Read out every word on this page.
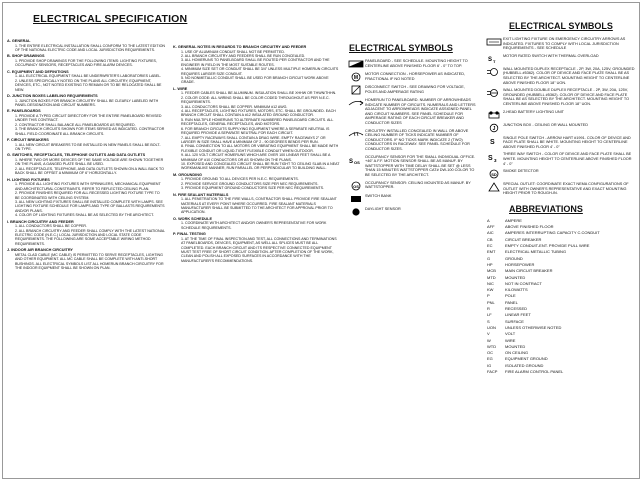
ELECTRICAL SPECIFICATION
A. GENERAL
1. THE ENTIRE ELECTRICAL INSTALLATION SHALL CONFORM TO THE LATEST EDITION OF THE NATIONAL ELECTRIC CODE AND LOCAL JURISDICTION REQUIREMENTS.
B. SHOP DRAWINGS
1. PROVIDE SHOP DRAWINGS FOR THE FOLLOWING ITEMS: LIGHTING FIXTURES, OCCUPANCY SENSORS, RECEPTACLES AND FIRE ALARM DEVICES.
C. EQUIPMENT AND DEFINITIONS
1. ALL ELECTRICAL EQUIPMENT SHALL BE UNDERWRITER'S LABORATORIES LABEL.
2. UNLESS SPECIFICALLY NOTED ON THE PLANS ALL CIRCUITRY, EQUIPMENT, DEVICES, ETC., NOT NOTED EXISTING TO REMAIN OR TO BE RELOCATED SHALL BE NEW.
D. JUNCTION BOXES LABELING REQUIREMENTS
1. JUNCTION BOXES FOR BRANCH CIRCUITRY SHALL BE CLEARLY LABELED WITH PANEL DESIGNATION AND CIRCUIT NUMBERS.
E. PANELBOARDS
1. PROVIDE A TYPED CIRCUIT DIRECTORY FOR THE ENTIRE PANELBOARD REVISED UNDER THIS CONTRACT.
2. CONTRACTOR SHALL BALANCE ALL PANELBOARDS AS REQUIRED.
3. THE BRANCH CIRCUITS SHOWN FOR ITEMS SERVED AS INDICATED. CONTRACTOR SHALL FIELD COORDINATE ALL BRANCH CIRCUITS.
F. CIRCUIT BREAKERS
1. ALL NEW CIRCUIT BREAKERS TO BE INSTALLED IN NEW PANELS SHALL BE BOLT-ON TYPE.
G. SWITCHES, RECEPTACLES, TELEPHONE OUTLETS AND DATA OUTLETS
1. WHERE TWO OR MORE DEVICES OF THE SAME VOLTAGE ARE SHOWN TOGETHER ON THE PLANS, A GANGED PLATE SHALL BE USED.
2. ALL RECEPTACLES, TELEPHONE, AND DATA OUTLETS SHOWN ON A WALL BACK TO BACK SHALL BE OFFSET A MINIMUM OF 6" HORIZONTALLY.
H. LIGHTING FIXTURES
1. PROVIDE ALL LIGHTING FIXTURES WITH SPRINKLERS, MECHANICAL EQUIPMENT AND ARCHITECTURAL CONSTRAINTS. REFER TO REFLECTED CEILING PLAN.
2. PROVIDE FINISHES REQUIRED FOR ALL RECESSED LIGHTING FIXTURE TYPE TO BE COORDINATED WITH CEILING SYSTEM.
3. ALL NEW LIGHTING FIXTURES SHALL BE INSTALLED COMPLETE WITH LAMPS. SEE LIGHTING FIXTURE SCHEDULE FOR LAMPS AND TYPE OF BALLASTS REQUIREMENTS AND/OR PLANS.
4. COLOR OF LIGHTING FIXTURES SHALL BE AS SELECTED BY THE ARCHITECT.
I. BRANCH CIRCUITRY AND FEEDER
1. ALL CONDUCTORS SHALL BE COPPER.
2. ALL BRANCH CIRCUITRY AND FEEDER SHALL COMPLY WITH THE LATEST NATIONAL ELECTRIC CODE (N.E.C.) LOCAL JURISDICTION AND LOCAL STATE CODE REQUIREMENTS. THE FOLLOWING ARE SOME ACCEPTABLE WIRING METHOD REQUIREMENTS.
J. INDOOR AIR BRANCH CIRCUITRY
METAL CLAD CABLE (MC CABLE) IS PERMITTED TO SERVE RECEPTACLES, LIGHTING AND OTHER EQUIPMENT. ALL MC CABLE SHALL BE COMPLETE WITH ANTI-SHORT BUSHINGS. ALL ELECTRICAL SYMBOLS LIST ALL HOMERUN BRANCH CIRCUITRY FOR THE INDOOR EQUIPMENT SHALL BE SHOWN ON PLAN.
K. GENERAL NOTES IN REGARDS TO BRANCH CIRCUITRY AND FEEDER
1. USE OF ALUMINUM CONDUIT SHALL NOT BE PERMITTED.
2. ALL BRANCH CIRCUITRY AND FEEDERS SHALL BE RUN CONCEALED.
3. ALL HOMERUNS TO PANELBOARD SHALL BE ROUTED PER CONTRACTOR AND THE ENGINEER IN FIELD IN THE MOST SUITABLE ROUTES.
4. MINIMUM SIZE SET OR CONDUIT SHALL BE 3/4" UNLESS MULTIPLE HOMERUN CIRCUITS REQUIRES LARGER SIZE CONDUIT.
5. NO NONMETALLIC CONDUIT SHALL BE USED FOR BRANCH CIRCUIT WORK ABOVE GRADE.
L. WIRE
1. FEEDER CABLES SHALL BE ALUMINUM. INSULATION SHALL BE XHHW OR THWN/THHN.
2. COLOR CODE: ALL WIRING SHALL BE COLOR CODED THROUGHOUT AS PER N.E.C. REQUIREMENTS.
3. ALL CONDUCTORS SHALL BE COPPER. MINIMUM #12 AWG.
4. ALL RECEPTACLES, LIGHTING FIXTURES, MOTORS, ETC. SHALL BE GROUNDED. EACH BRANCH CIRCUIT SHALL CONTAIN A #12 INSULATED GROUND CONDUCTOR.
5. RUN MULTIPLE HOMERUNS TO ALTERNATE NUMBERED PANELBOARD CIRCUITS. ALL RECEPTACLES, GENERAL RECEPTACLES, AND MOTORS.
6. FOR BRANCH CIRCUITS SUPPLYING EQUIPMENT WHERE A SEPARATE NEUTRAL IS REQUIRED PROVIDE A SEPARATE NEUTRAL FOR EACH CIRCUIT.
7. ALL EMPTY RACEWAYS SHALL CONTAIN A DRAG WIRE. EMPTY RACEWAYS 2" OR LARGER IN SIZE SHALL HAVE A MINIMUM OF 2 - 90 DEGREES BENDS PER RUN.
8. FINAL CONNECTION TO ALL MOTORS OR VIBRATING EQUIPMENT SHALL BE MADE WITH FLEXIBLE CONDUIT OR LIQUID-TIGHT FLEXIBLE CONDUIT WHEN OUTDOOR.
9. ALL 120 VOLT CIRCUIT HOMERUNS WHICH ARE OVER 100 LINEAR FEET SHALL BE A MINIMUM OF #10 CONDUCTORS OR AS SHOWN ON THE PLANS.
10. EXPOSED AND CONCEALED CIRCUIT SHALL BE RUN TIGHT TO CEILING SLAB IN A NEAT WORKMANLIKE MANNER, RUN PARALLEL OR PERPENDICULAR TO BUILDING WALL.
M. GROUNDING
1. PROVIDE GROUND TO ALL DEVICES PER N.E.C. REQUIREMENTS.
2. PROVIDE SERVICE GROUND CONDUCTORS SIZE PER NEC REQUIREMENTS.
3. PROVIDE EQUIPMENT GROUND CONDUCTORS SIZE PER NEC REQUIREMENTS.
N. FIRE SEALANT MATERIALS
1. ALL PENETRATION TO THE FIRE WALLS, CONTRACTOR SHALL PROVIDE FIRE SEALANT MATERIALS AT EVERY POINT WHERE OCCURRED. FIRE SEALANT MATERIALS MANUFACTURER SHALL BE SUBMITTED TO THE ARCHITECT FOR APPROVAL PRIOR TO APPLICATION.
O. WORK SCHEDULE
1. COORDINATE WITH ARCHITECT AND/OR OWNER'S REPRESENTATIVE FOR WORK SCHEDULE REQUIREMENTS.
P. FINAL TESTING
1. AT THE TIME OF FINAL INSPECTION AND TEST, ALL CONNECTIONS AND TERMINATIONS AT PANELBOARDS, DEVICES, EQUIPMENT, AS WELL ALL SPLICES MUST BE ALL COMPLETED. EACH BRANCH CIRCUIT AND ITS RESPECTIVE CONNECTED EQUIPMENT MUST TEST FREE OF SHORT CIRCUIT CONDITION. AFTER COMPLETION OF THE WORK, CLEAN AND POLISH ALL EXPOSED SURFACES IN ACCORDANCE WITH THE MANUFACTURER'S RECOMMENDATIONS.
ELECTRICAL SYMBOLS
PANELBOARD - SEE SCHEDULE. MOUNTING HEIGHT TO CENTERLINE ABOVE FINISHED FLOOR 6' - 0" TO TOP.
M
MOTOR CONNECTION - HORSEPOWER AS INDICATED, FRACTIONAL IF NO NOTED
DISCONNECT SWITCH - SEE DRAWING FOR VOLTAGE, POLES AND AMPERAGE RATING
HOMERUN TO PANELBOARD. NUMBER OF ARROWHEADS INDICATE NUMBER OF CIRCUITS. NUMERALS AND LETTERS ADJACENT TO ARROWHEADS INDICATE ASSIGNED PANEL AND CIRCUIT NUMBERS. SEE PANEL SCHEDULE FOR AMPERAGE RATING OF EACH CIRCUIT BREAKER AND CONDUCTOR SIZES
CIRCUITRY INSTALLED CONCEALED IN WALL OR ABOVE CEILING NUMBER OF TICKS INDICATE NUMBER OF CONDUCTORS. IF NO TICKS MARK INDICATE 2 (TWO) CONDUCTORS IN RACEWAY. SEE PANEL SCHEDULE FOR CONDUCTOR SIZES.
S OS
OCCUPANCY SENSOR FOR THE SMALL INDIVIDUAL OFFICE. +46" A.F.F. MOTION SENSOR SHALL BE AS MANUF. BY WATTSTOPPER WITH TIME DELAY SHALL BE SET @ LESS THAN 15 MINUTES WATTSTOPPER CAT# DW-100 COLOR TO BE SELECTED BY THE ARCHITECT.
OS
OCCUPANCY SENSOR: CEILING MOUNTED AS MANUF. BY WATTSTOPPER.
SWITCH BANK
DAYLIGHT SENSOR
ELECTRICAL SYMBOLS
EXIT LIGHTING FIXTURE ON EMERGENCY CIRCUITRY ARROWS AS INDICATED. FIXTURES TO COMPLY WITH LOCAL JURISDICTION REQUIREMENTS - SEE SCHEDULE
S T
MOTOR RATED SWITCH WITH THERMAL OVERLOAD
WALL MOUNTED DUPLEX RECEPTACLE - 2P, 3W, 20A, 125V, GROUNDED (HUBBELL #5362). COLOR OF DEVICE AND FACE PLATE SHALL BE AS SELECTED BY THE ARCHITECT. MOUNTING HEIGHT TO CENTERLINE ABOVE FINISHED FLOOR 18" UON.
WALL MOUNTED DOUBLE DUPLEX RECEPTACLE - 2P, 3W, 20A, 125V, GROUNDED (HUBBELL #5362). COLOR OF DEVICE AND FACE PLATE SHALL BE AS SELECTED BY THE ARCHITECT. MOUNTING HEIGHT TO CENTERLINE ABOVE FINISHED FLOOR 18" UON.
2-HEAD BATTERY LIGHTING UNIT
J
JUNCTION BOX - CEILING OR WALL MOUNTED
S
SINGLE POLE SWITCH - ARROW HART #1991. COLOR OF DEVICE AND FACE PLATE SHALL BE WHITE. MOUNTING HEIGHT TO CENTERLINE ABOVE FINISHED FLOOR 4' - 0"
S 3
THREE WAY SWITCH - COLOR OF DEVICE AND FACE PLATE SHALL BE WHITE. MOUNTING HEIGHT TO CENTERLINE ABOVE FINISHED FLOOR 4' - 0"
SD
SMOKE DETECTOR
SPECIAL OUTLET: COORDINATE EXACT NEMA CONFIGURATIONS OF OUTLET WITH OWNER'S REPRESENTATIVE AND EXACT MOUNTING HEIGHT PRIOR TO ROUGH-IN.
ABBREVIATIONS
A	AMPERE
AFF	ABOVE FINISHED FLOOR
AIC	AMPERES INTERRUPTING CAPACITY C.CONDUIT
CB	CIRCUIT BREAKER
EC	EMPTY CONDUIT-ENT. PROVIDE PULL WIRE
EMT	ELECTRICAL METALLIC TUBING
G	GROUND
HP	HORSEPOWER
MCB	MAIN CIRCUIT BREAKER
MTD	MOUNTED
NIC	NOT IN CONTRACT
KW	KILOWATTS
P	POLE
PNL	PANEL
R	RECESSED
LF	LINEAR FEET
S	SURFACE
UON	UNLESS OTHERWISE NOTED
V	VOLT
W	WIRE
WTD	MOUNTED
OC	ON CEILING
EG	EQUIPMENT GROUND
IG	ISOLATED GROUND
FACP	FIRE ALARM CONTROL PANEL
